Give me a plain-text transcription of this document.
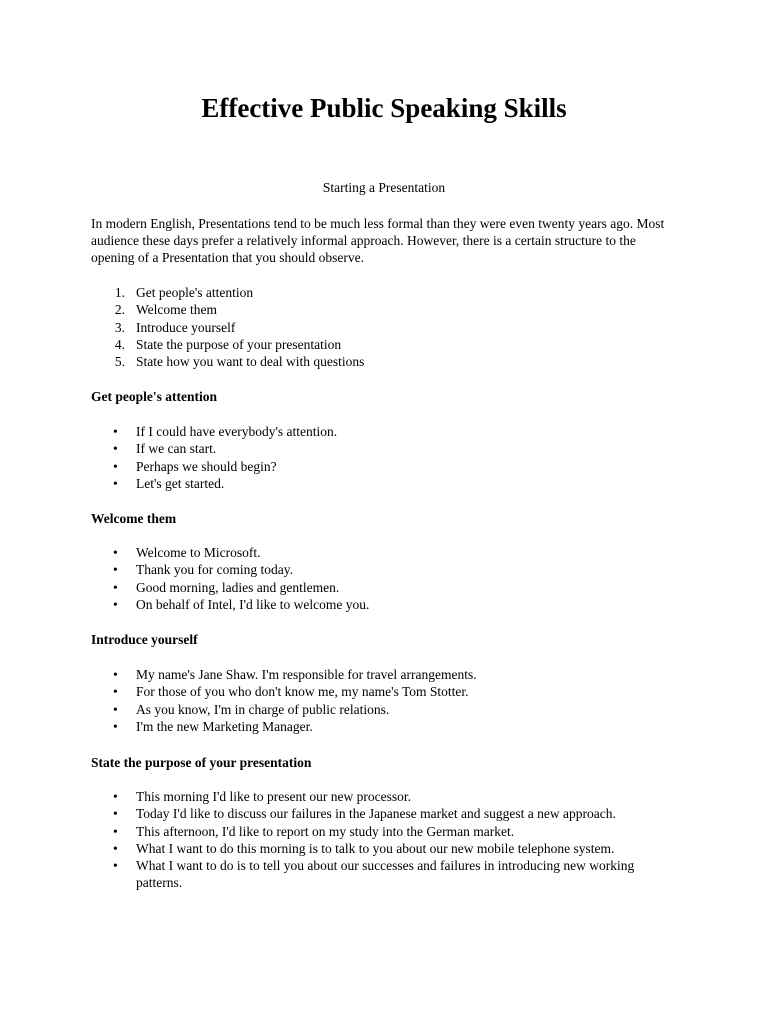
Effective Public Speaking Skills

Starting a Presentation

In modern English, Presentations tend to be much less formal than they were even twenty years ago. Most audience these days prefer a relatively informal approach. However, there is a certain structure to the opening of a Presentation that you should observe.

1. Get people's attention
2. Welcome them
3. Introduce yourself
4. State the purpose of your presentation
5. State how you want to deal with questions
Get people's attention
•	If I could have everybody's attention.
•	If we can start.
•	Perhaps we should begin?
•	Let's get started.
Welcome them
•	Welcome to Microsoft.
•	Thank you for coming today.
•	Good morning, ladies and gentlemen.
•	On behalf of Intel, I'd like to welcome you.
Introduce yourself
•	My name's Jane Shaw. I'm responsible for travel arrangements.
•	For those of you who don't know me, my name's Tom Stotter.
•	As you know, I'm in charge of public relations.
•	I'm the new Marketing Manager.
State the purpose of your presentation
•	This morning I'd like to present our new processor.
•	Today I'd like to discuss our failures in the Japanese market and suggest a new approach.
•	This afternoon, I'd like to report on my study into the German market.
•	What I want to do this morning is to talk to you about our new mobile telephone system.
•	What I want to do is to tell you about our successes and failures in introducing new working patterns.
